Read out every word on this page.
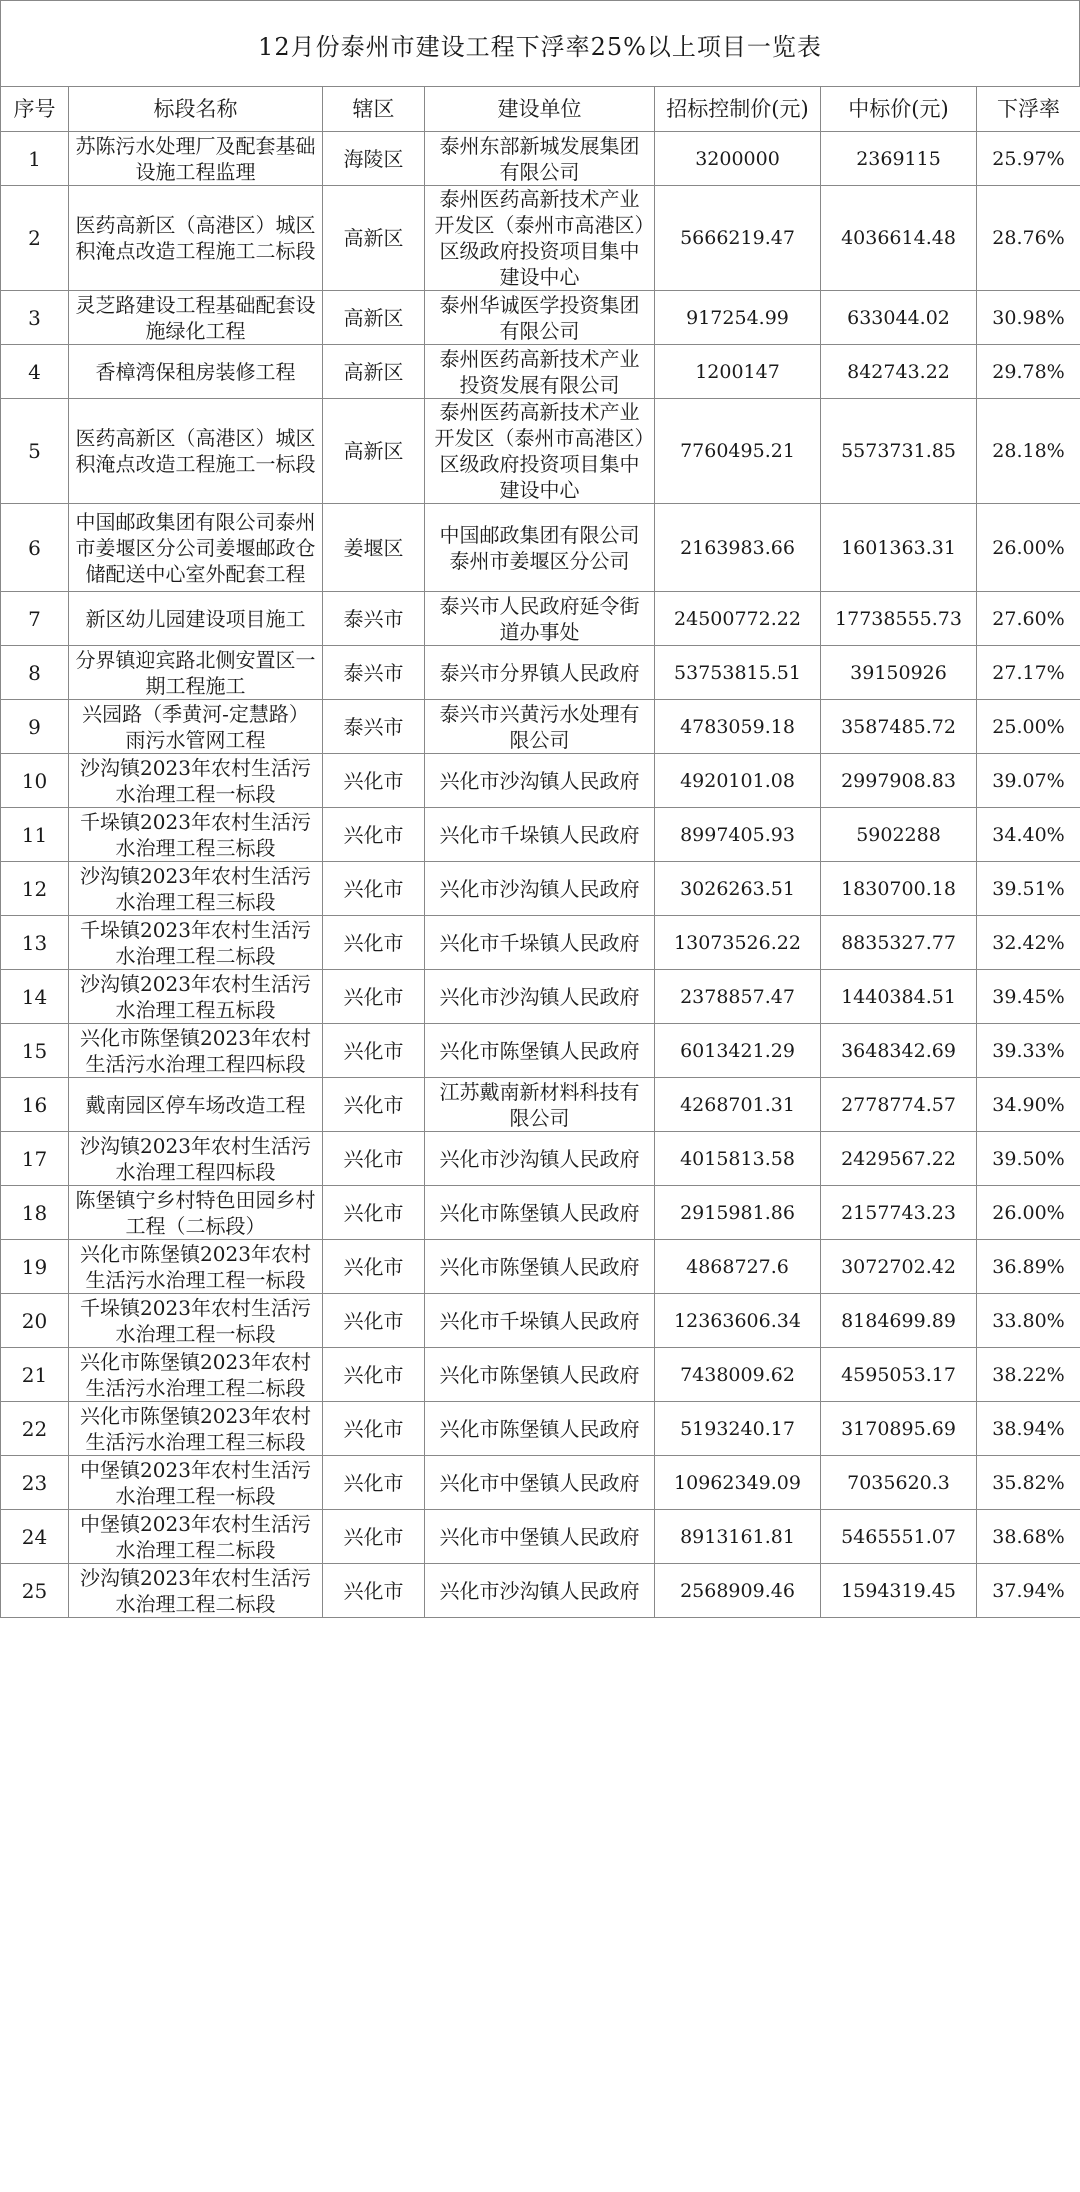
12月份泰州市建设工程下浮率25%以上项目一览表
序号	标段名称	辖区	建设单位	招标控制价(元)	中标价(元)	下浮率
1	苏陈污水处理厂及配套基础设施工程监理	海陵区	泰州东部新城发展集团有限公司	3200000	2369115	25.97%
2	医药高新区（高港区）城区积淹点改造工程施工二标段	高新区	泰州医药高新技术产业开发区（泰州市高港区）区级政府投资项目集中建设中心	5666219.47	4036614.48	28.76%
3	灵芝路建设工程基础配套设施绿化工程	高新区	泰州华诚医学投资集团有限公司	917254.99	633044.02	30.98%
4	香樟湾保租房装修工程	高新区	泰州医药高新技术产业投资发展有限公司	1200147	842743.22	29.78%
5	医药高新区（高港区）城区积淹点改造工程施工一标段	高新区	泰州医药高新技术产业开发区（泰州市高港区）区级政府投资项目集中建设中心	7760495.21	5573731.85	28.18%
6	中国邮政集团有限公司泰州市姜堰区分公司姜堰邮政仓储配送中心室外配套工程	姜堰区	中国邮政集团有限公司泰州市姜堰区分公司	2163983.66	1601363.31	26.00%
7	新区幼儿园建设项目施工	泰兴市	泰兴市人民政府延令街道办事处	24500772.22	17738555.73	27.60%
8	分界镇迎宾路北侧安置区一期工程施工	泰兴市	泰兴市分界镇人民政府	53753815.51	39150926	27.17%
9	兴园路（季黄河-定慧路）雨污水管网工程	泰兴市	泰兴市兴黄污水处理有限公司	4783059.18	3587485.72	25.00%
10	沙沟镇2023年农村生活污水治理工程一标段	兴化市	兴化市沙沟镇人民政府	4920101.08	2997908.83	39.07%
11	千垛镇2023年农村生活污水治理工程三标段	兴化市	兴化市千垛镇人民政府	8997405.93	5902288	34.40%
12	沙沟镇2023年农村生活污水治理工程三标段	兴化市	兴化市沙沟镇人民政府	3026263.51	1830700.18	39.51%
13	千垛镇2023年农村生活污水治理工程二标段	兴化市	兴化市千垛镇人民政府	13073526.22	8835327.77	32.42%
14	沙沟镇2023年农村生活污水治理工程五标段	兴化市	兴化市沙沟镇人民政府	2378857.47	1440384.51	39.45%
15	兴化市陈堡镇2023年农村生活污水治理工程四标段	兴化市	兴化市陈堡镇人民政府	6013421.29	3648342.69	39.33%
16	戴南园区停车场改造工程	兴化市	江苏戴南新材料科技有限公司	4268701.31	2778774.57	34.90%
17	沙沟镇2023年农村生活污水治理工程四标段	兴化市	兴化市沙沟镇人民政府	4015813.58	2429567.22	39.50%
18	陈堡镇宁乡村特色田园乡村工程（二标段）	兴化市	兴化市陈堡镇人民政府	2915981.86	2157743.23	26.00%
19	兴化市陈堡镇2023年农村生活污水治理工程一标段	兴化市	兴化市陈堡镇人民政府	4868727.6	3072702.42	36.89%
20	千垛镇2023年农村生活污水治理工程一标段	兴化市	兴化市千垛镇人民政府	12363606.34	8184699.89	33.80%
21	兴化市陈堡镇2023年农村生活污水治理工程二标段	兴化市	兴化市陈堡镇人民政府	7438009.62	4595053.17	38.22%
22	兴化市陈堡镇2023年农村生活污水治理工程三标段	兴化市	兴化市陈堡镇人民政府	5193240.17	3170895.69	38.94%
23	中堡镇2023年农村生活污水治理工程一标段	兴化市	兴化市中堡镇人民政府	10962349.09	7035620.3	35.82%
24	中堡镇2023年农村生活污水治理工程二标段	兴化市	兴化市中堡镇人民政府	8913161.81	5465551.07	38.68%
25	沙沟镇2023年农村生活污水治理工程二标段	兴化市	兴化市沙沟镇人民政府	2568909.46	1594319.45	37.94%
